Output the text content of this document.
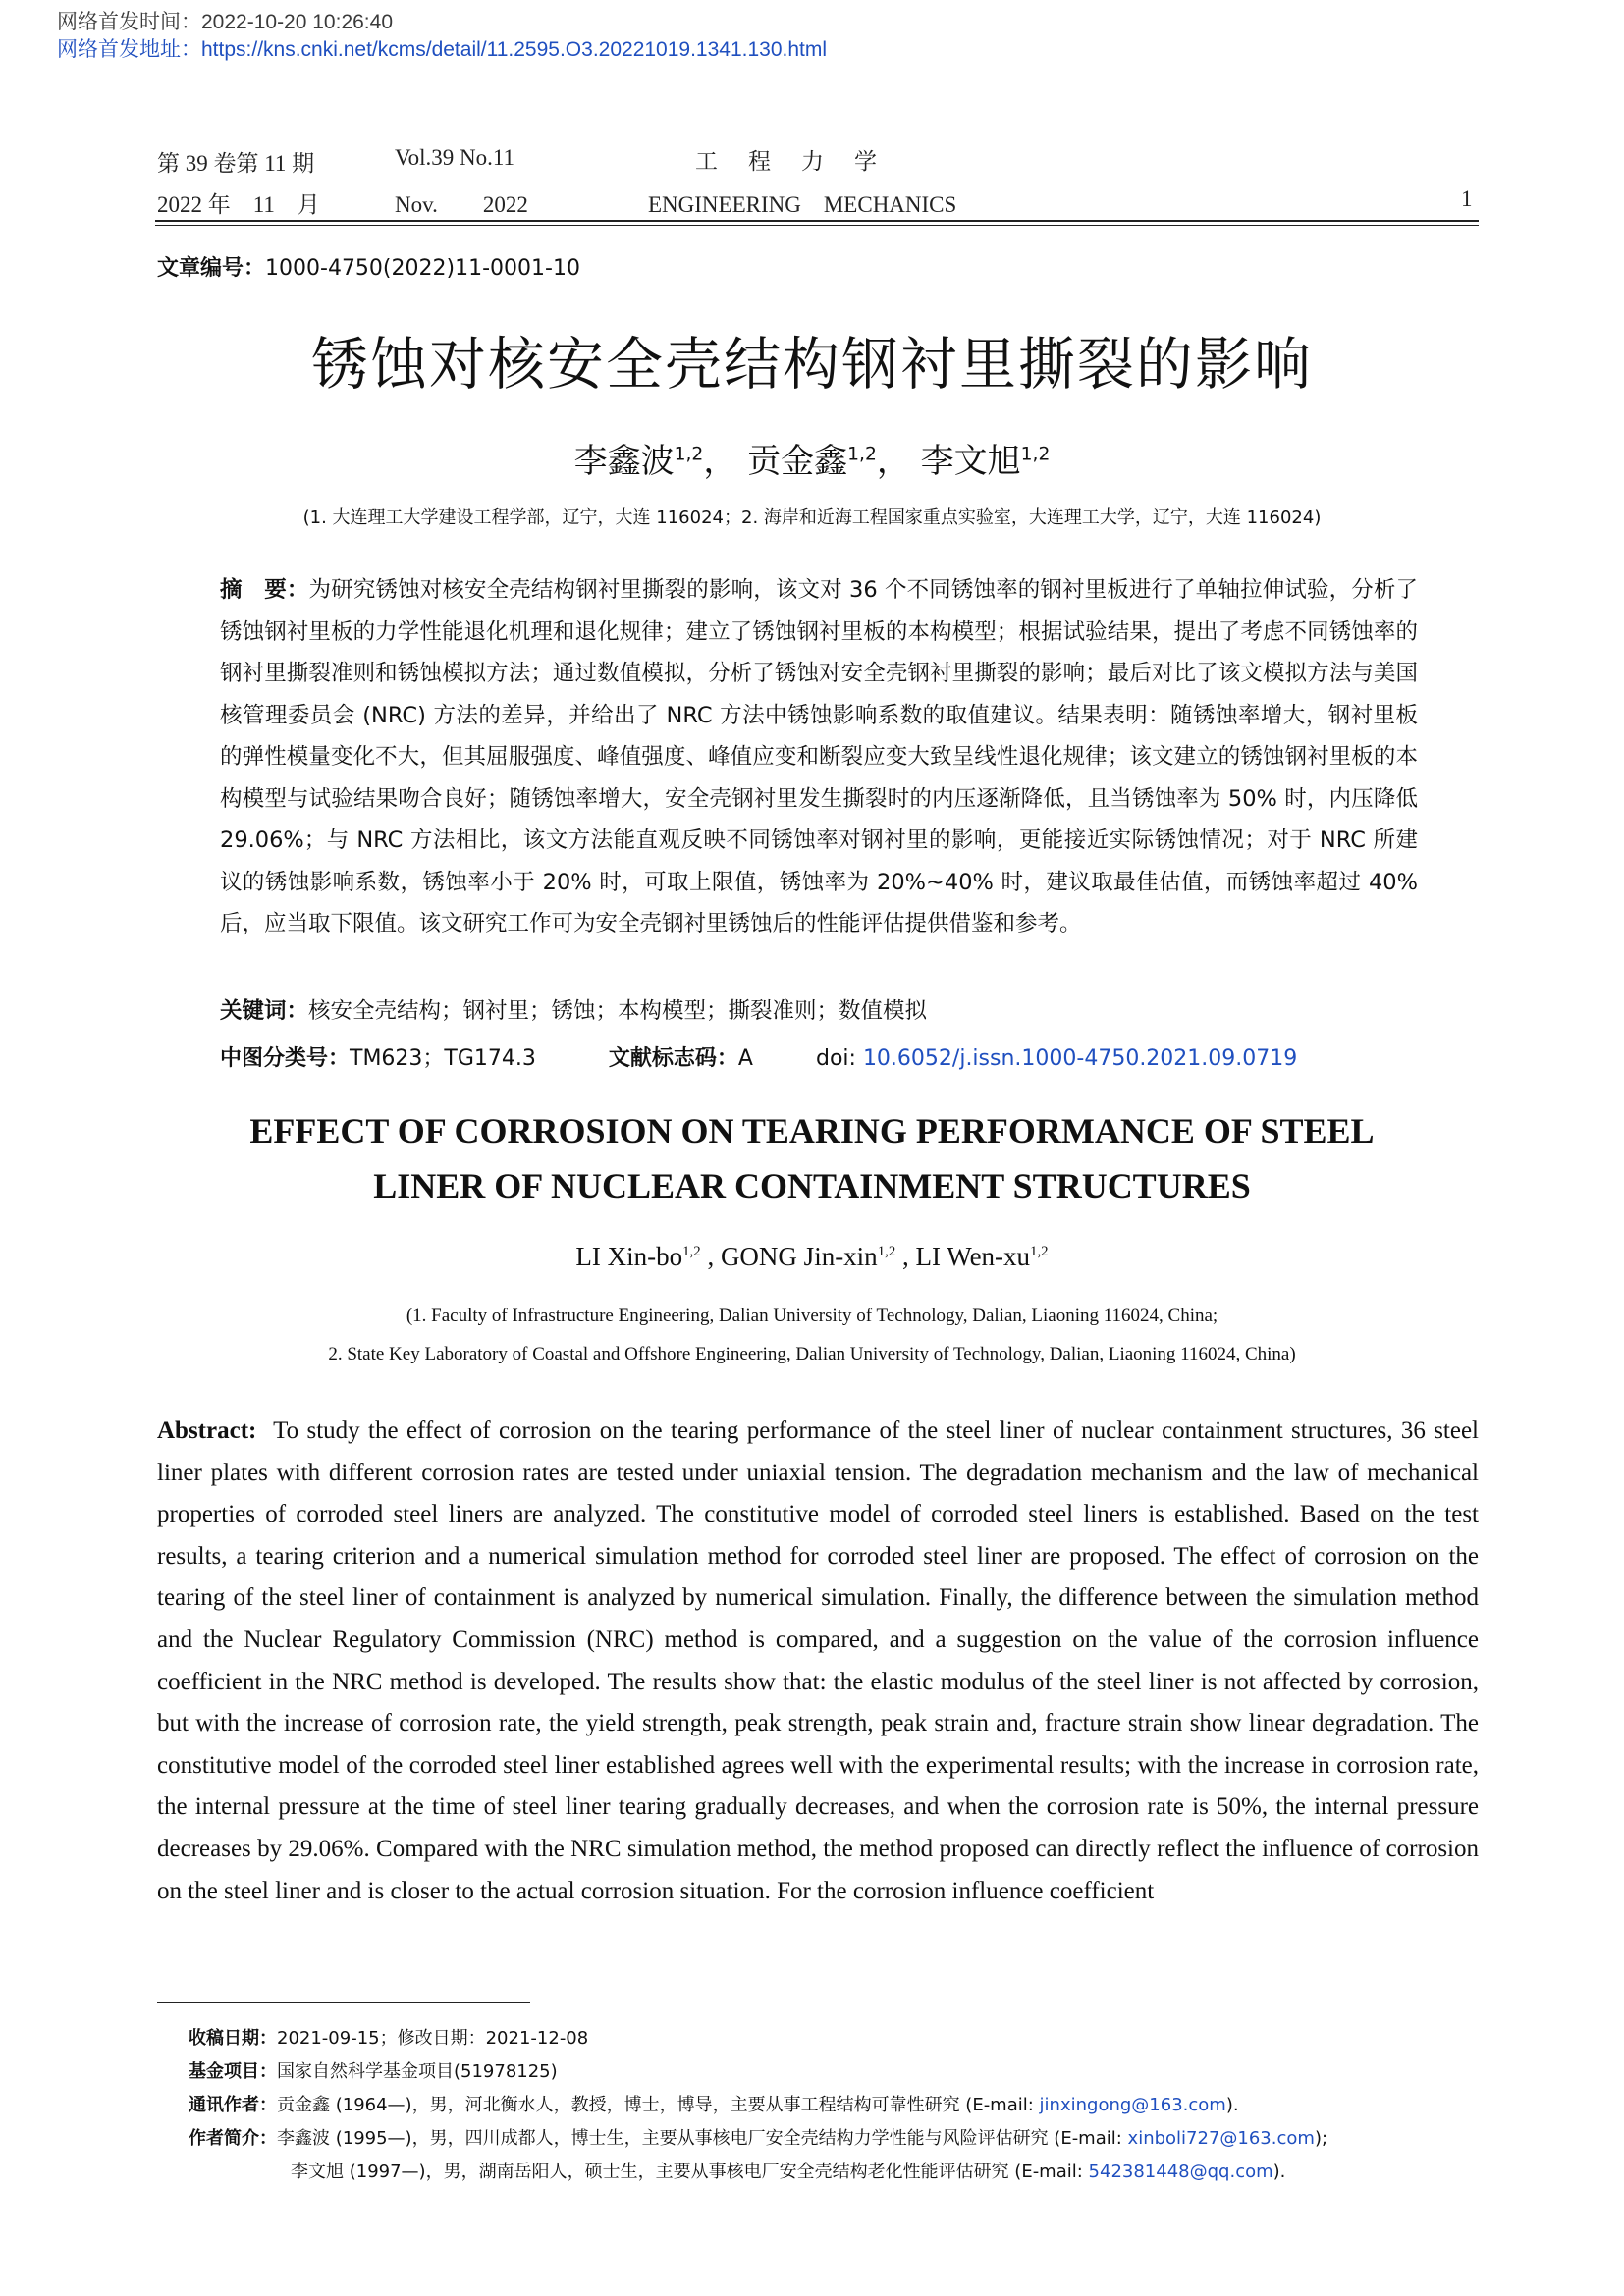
网络首发时间：2022-10-20 10:26:40
网络首发地址：https://kns.cnki.net/kcms/detail/11.2595.O3.20221019.1341.130.html
第 39 卷第 11 期	Vol.39 No.11	工　程　力　学
2022 年　11　月	Nov.　　2022	ENGINEERING　MECHANICS	1
文章编号：1000-4750(2022)11-0001-10
锈蚀对核安全壳结构钢衬里撕裂的影响
李鑫波$^{1,2}$， 贡金鑫$^{1,2}$， 李文旭$^{1,2}$
(1. 大连理工大学建设工程学部，辽宁，大连 116024；2. 海岸和近海工程国家重点实验室，大连理工大学，辽宁，大连 116024)
摘　要：为研究锈蚀对核安全壳结构钢衬里撕裂的影响，该文对 36 个不同锈蚀率的钢衬里板进行了单轴拉伸试验，分析了锈蚀钢衬里板的力学性能退化机理和退化规律；建立了锈蚀钢衬里板的本构模型；根据试验结果，提出了考虑不同锈蚀率的钢衬里撕裂准则和锈蚀模拟方法；通过数值模拟，分析了锈蚀对安全壳钢衬里撕裂的影响；最后对比了该文模拟方法与美国核管理委员会 (NRC) 方法的差异，并给出了 NRC 方法中锈蚀影响系数的取值建议。结果表明：随锈蚀率增大，钢衬里板的弹性模量变化不大，但其屈服强度、峰值强度、峰值应变和断裂应变大致呈线性退化规律；该文建立的锈蚀钢衬里板的本构模型与试验结果吻合良好；随锈蚀率增大，安全壳钢衬里发生撕裂时的内压逐渐降低，且当锈蚀率为 50% 时，内压降低 29.06%；与 NRC 方法相比，该文方法能直观反映不同锈蚀率对钢衬里的影响，更能接近实际锈蚀情况；对于 NRC 所建议的锈蚀影响系数，锈蚀率小于 20% 时，可取上限值，锈蚀率为 20%~40% 时，建议取最佳估值，而锈蚀率超过 40% 后，应当取下限值。该文研究工作可为安全壳钢衬里锈蚀后的性能评估提供借鉴和参考。
关键词：核安全壳结构；钢衬里；锈蚀；本构模型；撕裂准则；数值模拟
中图分类号：TM623；TG174.3	文献标志码：A	doi: 10.6052/j.issn.1000-4750.2021.09.0719
EFFECT OF CORROSION ON TEARING PERFORMANCE OF STEEL
LINER OF NUCLEAR CONTAINMENT STRUCTURES
LI Xin-bo$^{1,2}$ , GONG Jin-xin$^{1,2}$ , LI Wen-xu$^{1,2}$
(1. Faculty of Infrastructure Engineering, Dalian University of Technology, Dalian, Liaoning 116024, China;
2. State Key Laboratory of Coastal and Offshore Engineering, Dalian University of Technology, Dalian, Liaoning 116024, China)
Abstract: To study the effect of corrosion on the tearing performance of the steel liner of nuclear containment structures, 36 steel liner plates with different corrosion rates are tested under uniaxial tension. The degradation mechanism and the law of mechanical properties of corroded steel liners are analyzed. The constitutive model of corroded steel liners is established. Based on the test results, a tearing criterion and a numerical simulation method for corroded steel liner are proposed. The effect of corrosion on the tearing of the steel liner of containment is analyzed by numerical simulation. Finally, the difference between the simulation method and the Nuclear Regulatory Commission (NRC) method is compared, and a suggestion on the value of the corrosion influence coefficient in the NRC method is developed. The results show that: the elastic modulus of the steel liner is not affected by corrosion, but with the increase of corrosion rate, the yield strength, peak strength, peak strain and, fracture strain show linear degradation. The constitutive model of the corroded steel liner established agrees well with the experimental results; with the increase in corrosion rate, the internal pressure at the time of steel liner tearing gradually decreases, and when the corrosion rate is 50%, the internal pressure decreases by 29.06%. Compared with the NRC simulation method, the method proposed can directly reflect the influence of corrosion on the steel liner and is closer to the actual corrosion situation. For the corrosion influence coefficient
收稿日期：2021-09-15；修改日期：2021-12-08
基金项目：国家自然科学基金项目(51978125)
通讯作者：贡金鑫 (1964—)，男，河北衡水人，教授，博士，博导，主要从事工程结构可靠性研究 (E-mail: jinxingong@163.com).
作者简介：李鑫波 (1995—)，男，四川成都人，博士生，主要从事核电厂安全壳结构力学性能与风险评估研究 (E-mail: xinboli727@163.com);
李文旭 (1997—)，男，湖南岳阳人，硕士生，主要从事核电厂安全壳结构老化性能评估研究 (E-mail: 542381448@qq.com).
